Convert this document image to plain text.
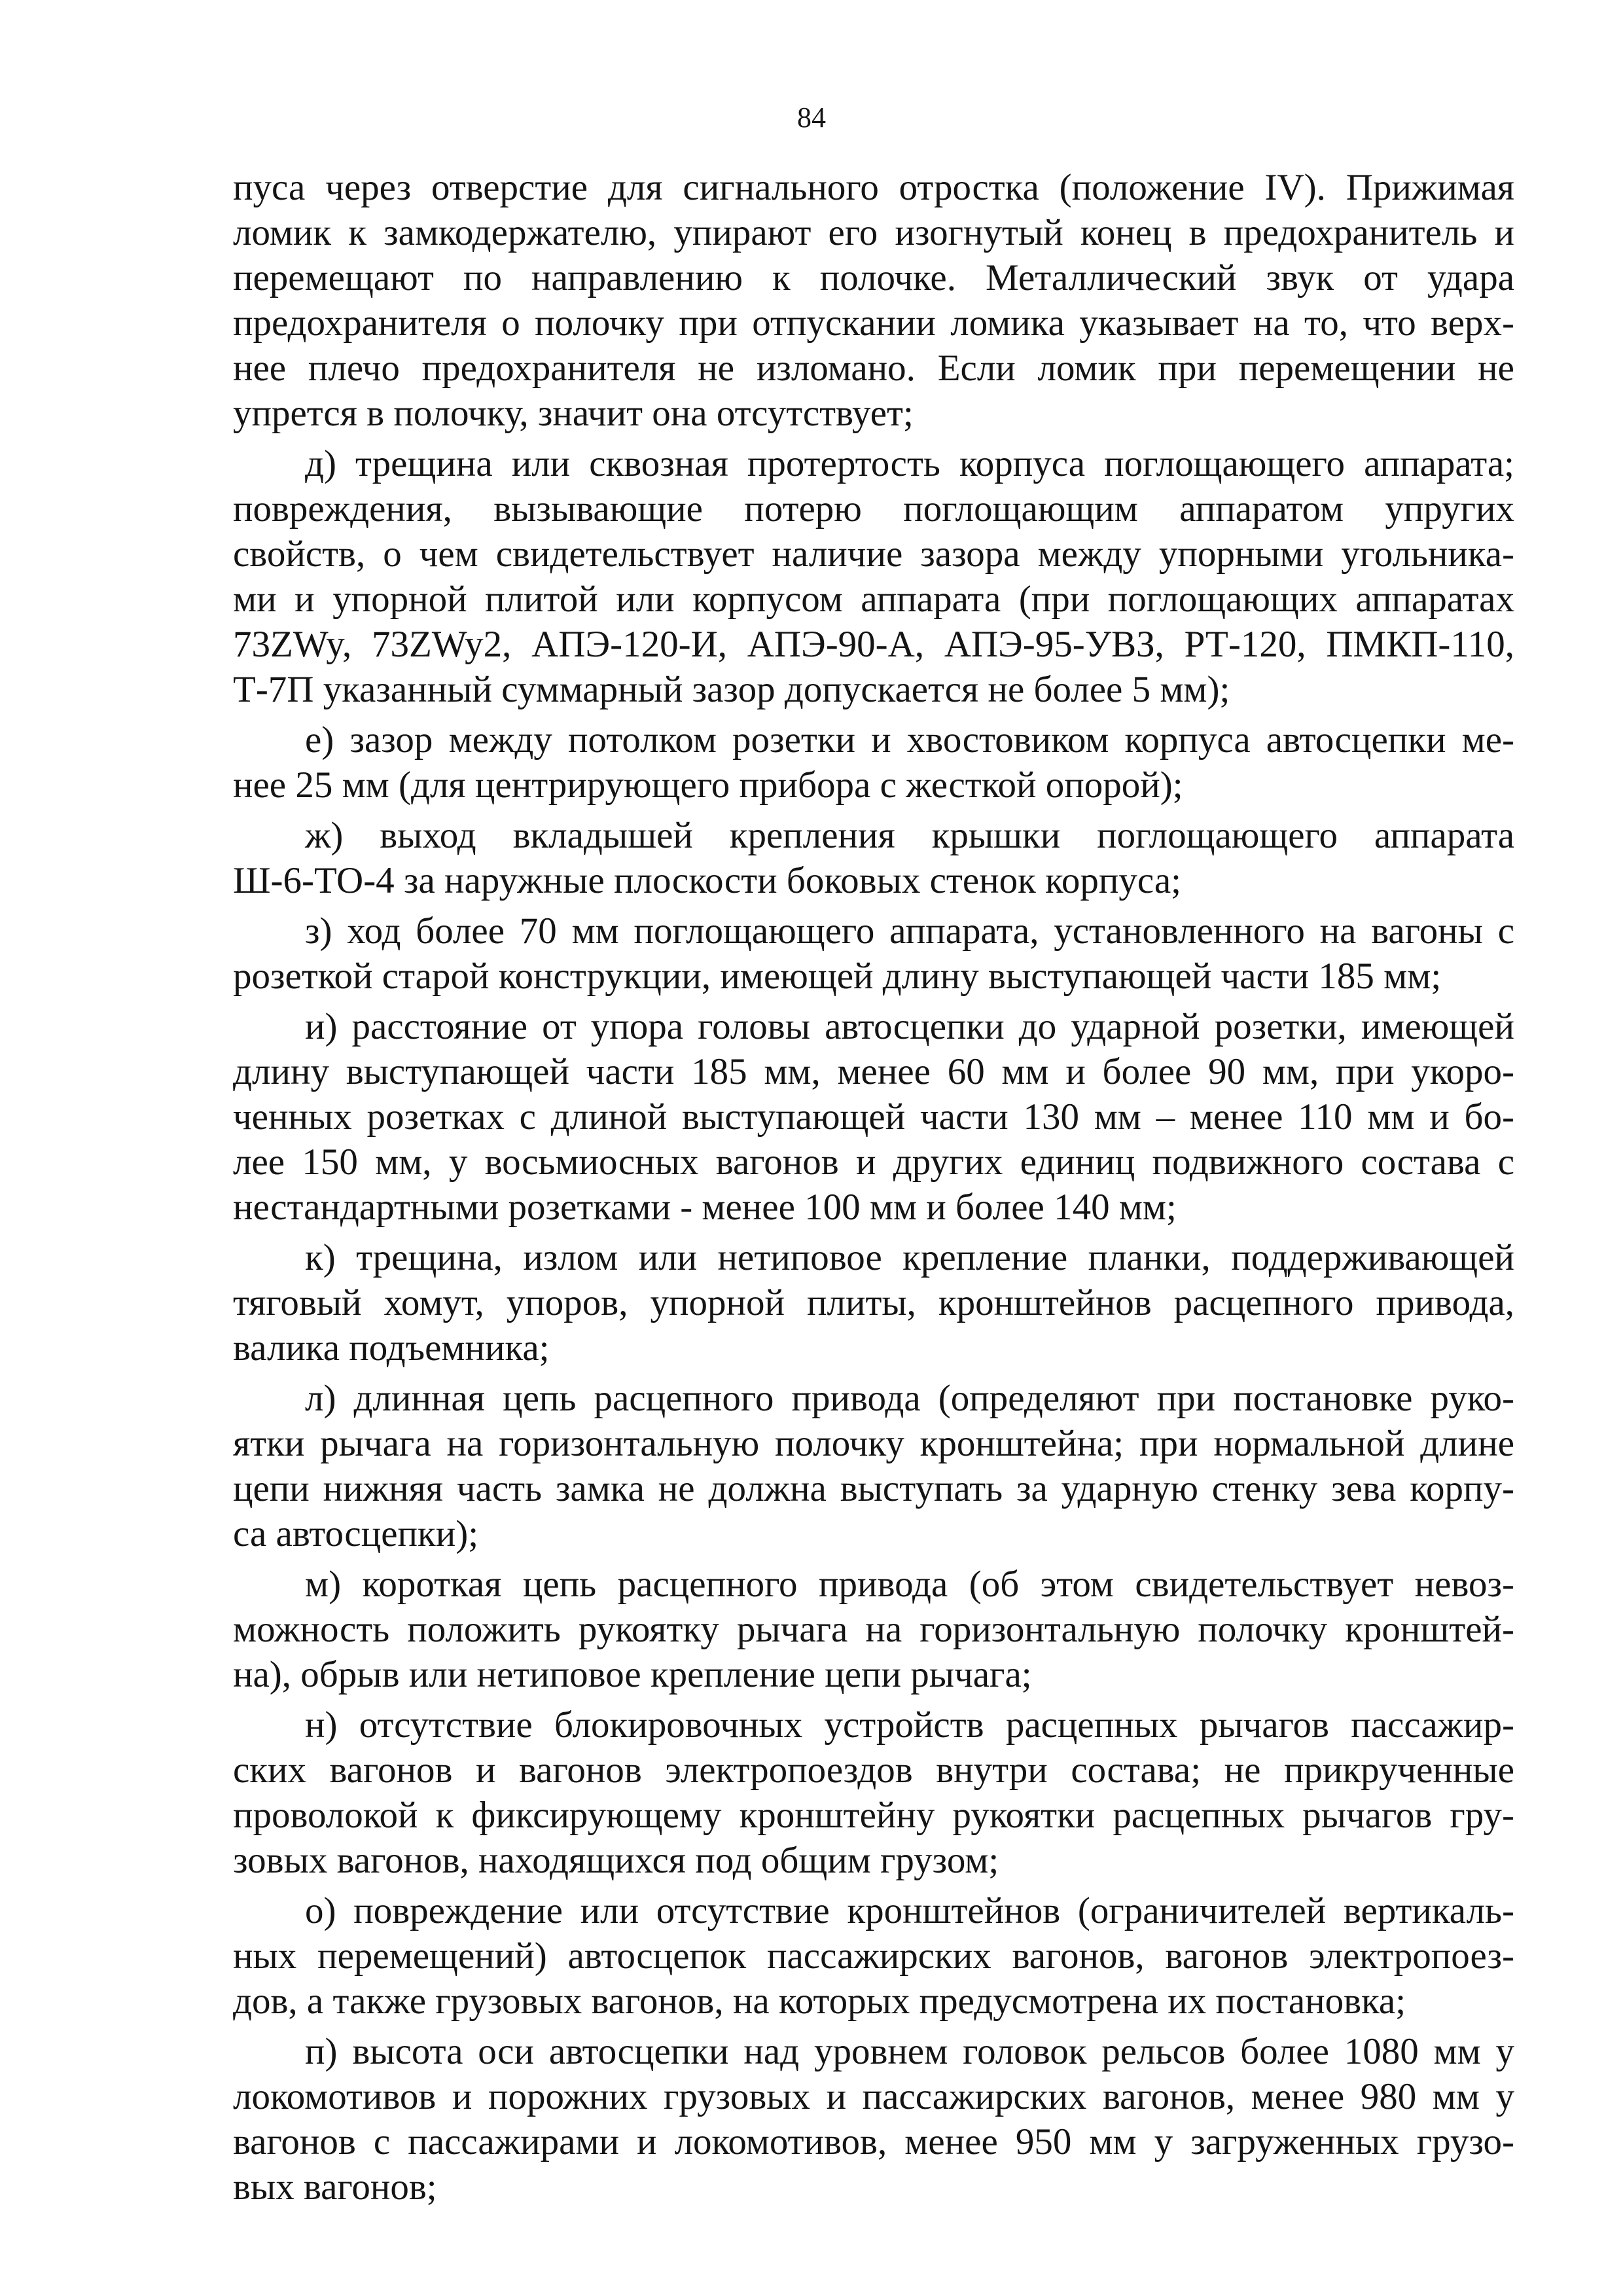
84
пуса через отверстие для сигнального отростка (положение IV). Прижимая
ломик к замкодержателю, упирают его изогнутый конец в предохранитель и
перемещают по направлению к полочке. Металлический звук от удара
предохранителя о полочку при отпускании ломика указывает на то, что верх-
нее плечо предохранителя не изломано. Если ломик при перемещении не
упрется в полочку, значит она отсутствует;
д) трещина или сквозная протертость корпуса поглощающего аппарата;
повреждения, вызывающие потерю поглощающим аппаратом упругих
свойств, о чем свидетельствует наличие зазора между упорными угольника-
ми и упорной плитой или корпусом аппарата (при поглощающих аппаратах
73ZWy, 73ZWy2, АПЭ-120-И, АПЭ-90-А, АПЭ-95-УВЗ, РТ-120, ПМКП-110,
Т-7П указанный суммарный зазор допускается не более 5 мм);
е) зазор между потолком розетки и хвостовиком корпуса автосцепки ме-
нее 25 мм (для центрирующего прибора с жесткой опорой);
ж) выход вкладышей крепления крышки поглощающего аппарата
Ш-6-ТО-4 за наружные плоскости боковых стенок корпуса;
з) ход более 70 мм поглощающего аппарата, установленного на вагоны с
розеткой старой конструкции, имеющей длину выступающей части 185 мм;
и) расстояние от упора головы автосцепки до ударной розетки, имеющей
длину выступающей части 185 мм, менее 60 мм и более 90 мм, при укоро-
ченных розетках с длиной выступающей части 130 мм – менее 110 мм и бо-
лее 150 мм, у восьмиосных вагонов и других единиц подвижного состава с
нестандартными розетками - менее 100 мм и более 140 мм;
к) трещина, излом или нетиповое крепление планки, поддерживающей
тяговый хомут, упоров, упорной плиты, кронштейнов расцепного привода,
валика подъемника;
л) длинная цепь расцепного привода (определяют при постановке руко-
ятки рычага на горизонтальную полочку кронштейна; при нормальной длине
цепи нижняя часть замка не должна выступать за ударную стенку зева корпу-
са автосцепки);
м) короткая цепь расцепного привода (об этом свидетельствует невоз-
можность положить рукоятку рычага на горизонтальную полочку кронштей-
на), обрыв или нетиповое крепление цепи рычага;
н) отсутствие блокировочных устройств расцепных рычагов пассажир-
ских вагонов и вагонов электропоездов внутри состава; не прикрученные
проволокой к фиксирующему кронштейну рукоятки расцепных рычагов гру-
зовых вагонов, находящихся под общим грузом;
о) повреждение или отсутствие кронштейнов (ограничителей вертикаль-
ных перемещений) автосцепок пассажирских вагонов, вагонов электропоез-
дов, а также грузовых вагонов, на которых предусмотрена их постановка;
п) высота оси автосцепки над уровнем головок рельсов более 1080 мм у
локомотивов и порожних грузовых и пассажирских вагонов, менее 980 мм у
вагонов с пассажирами и локомотивов, менее 950 мм у загруженных грузо-
вых вагонов;
